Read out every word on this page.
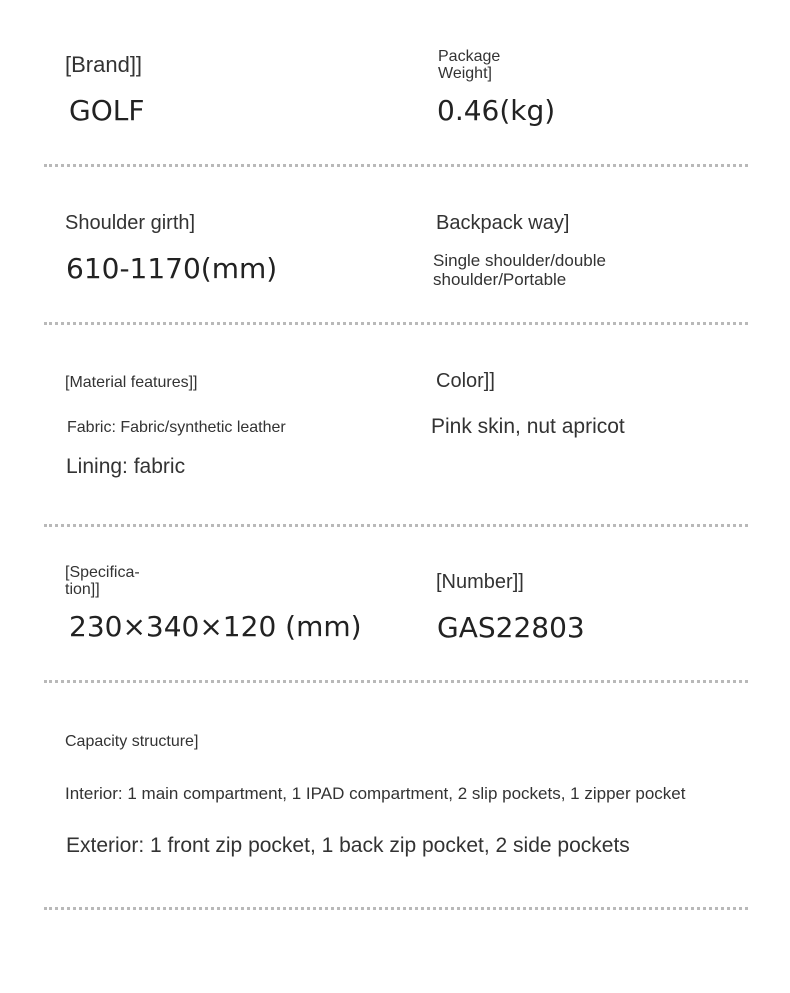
[Brand]]
GOLF
Package
Weight]
0.46(kg)
Shoulder girth]
610-1170(mm)
Backpack way]
Single shoulder/double
shoulder/Portable
[Material features]]
Fabric: Fabric/synthetic leather
Lining: fabric
Color]]
Pink skin, nut apricot
[Specifica-
tion]]
230×340×120 (mm)
[Number]]
GAS22803
Capacity structure]
Interior: 1 main compartment, 1 IPAD compartment, 2 slip pockets, 1 zipper pocket
Exterior: 1 front zip pocket, 1 back zip pocket, 2 side pockets
